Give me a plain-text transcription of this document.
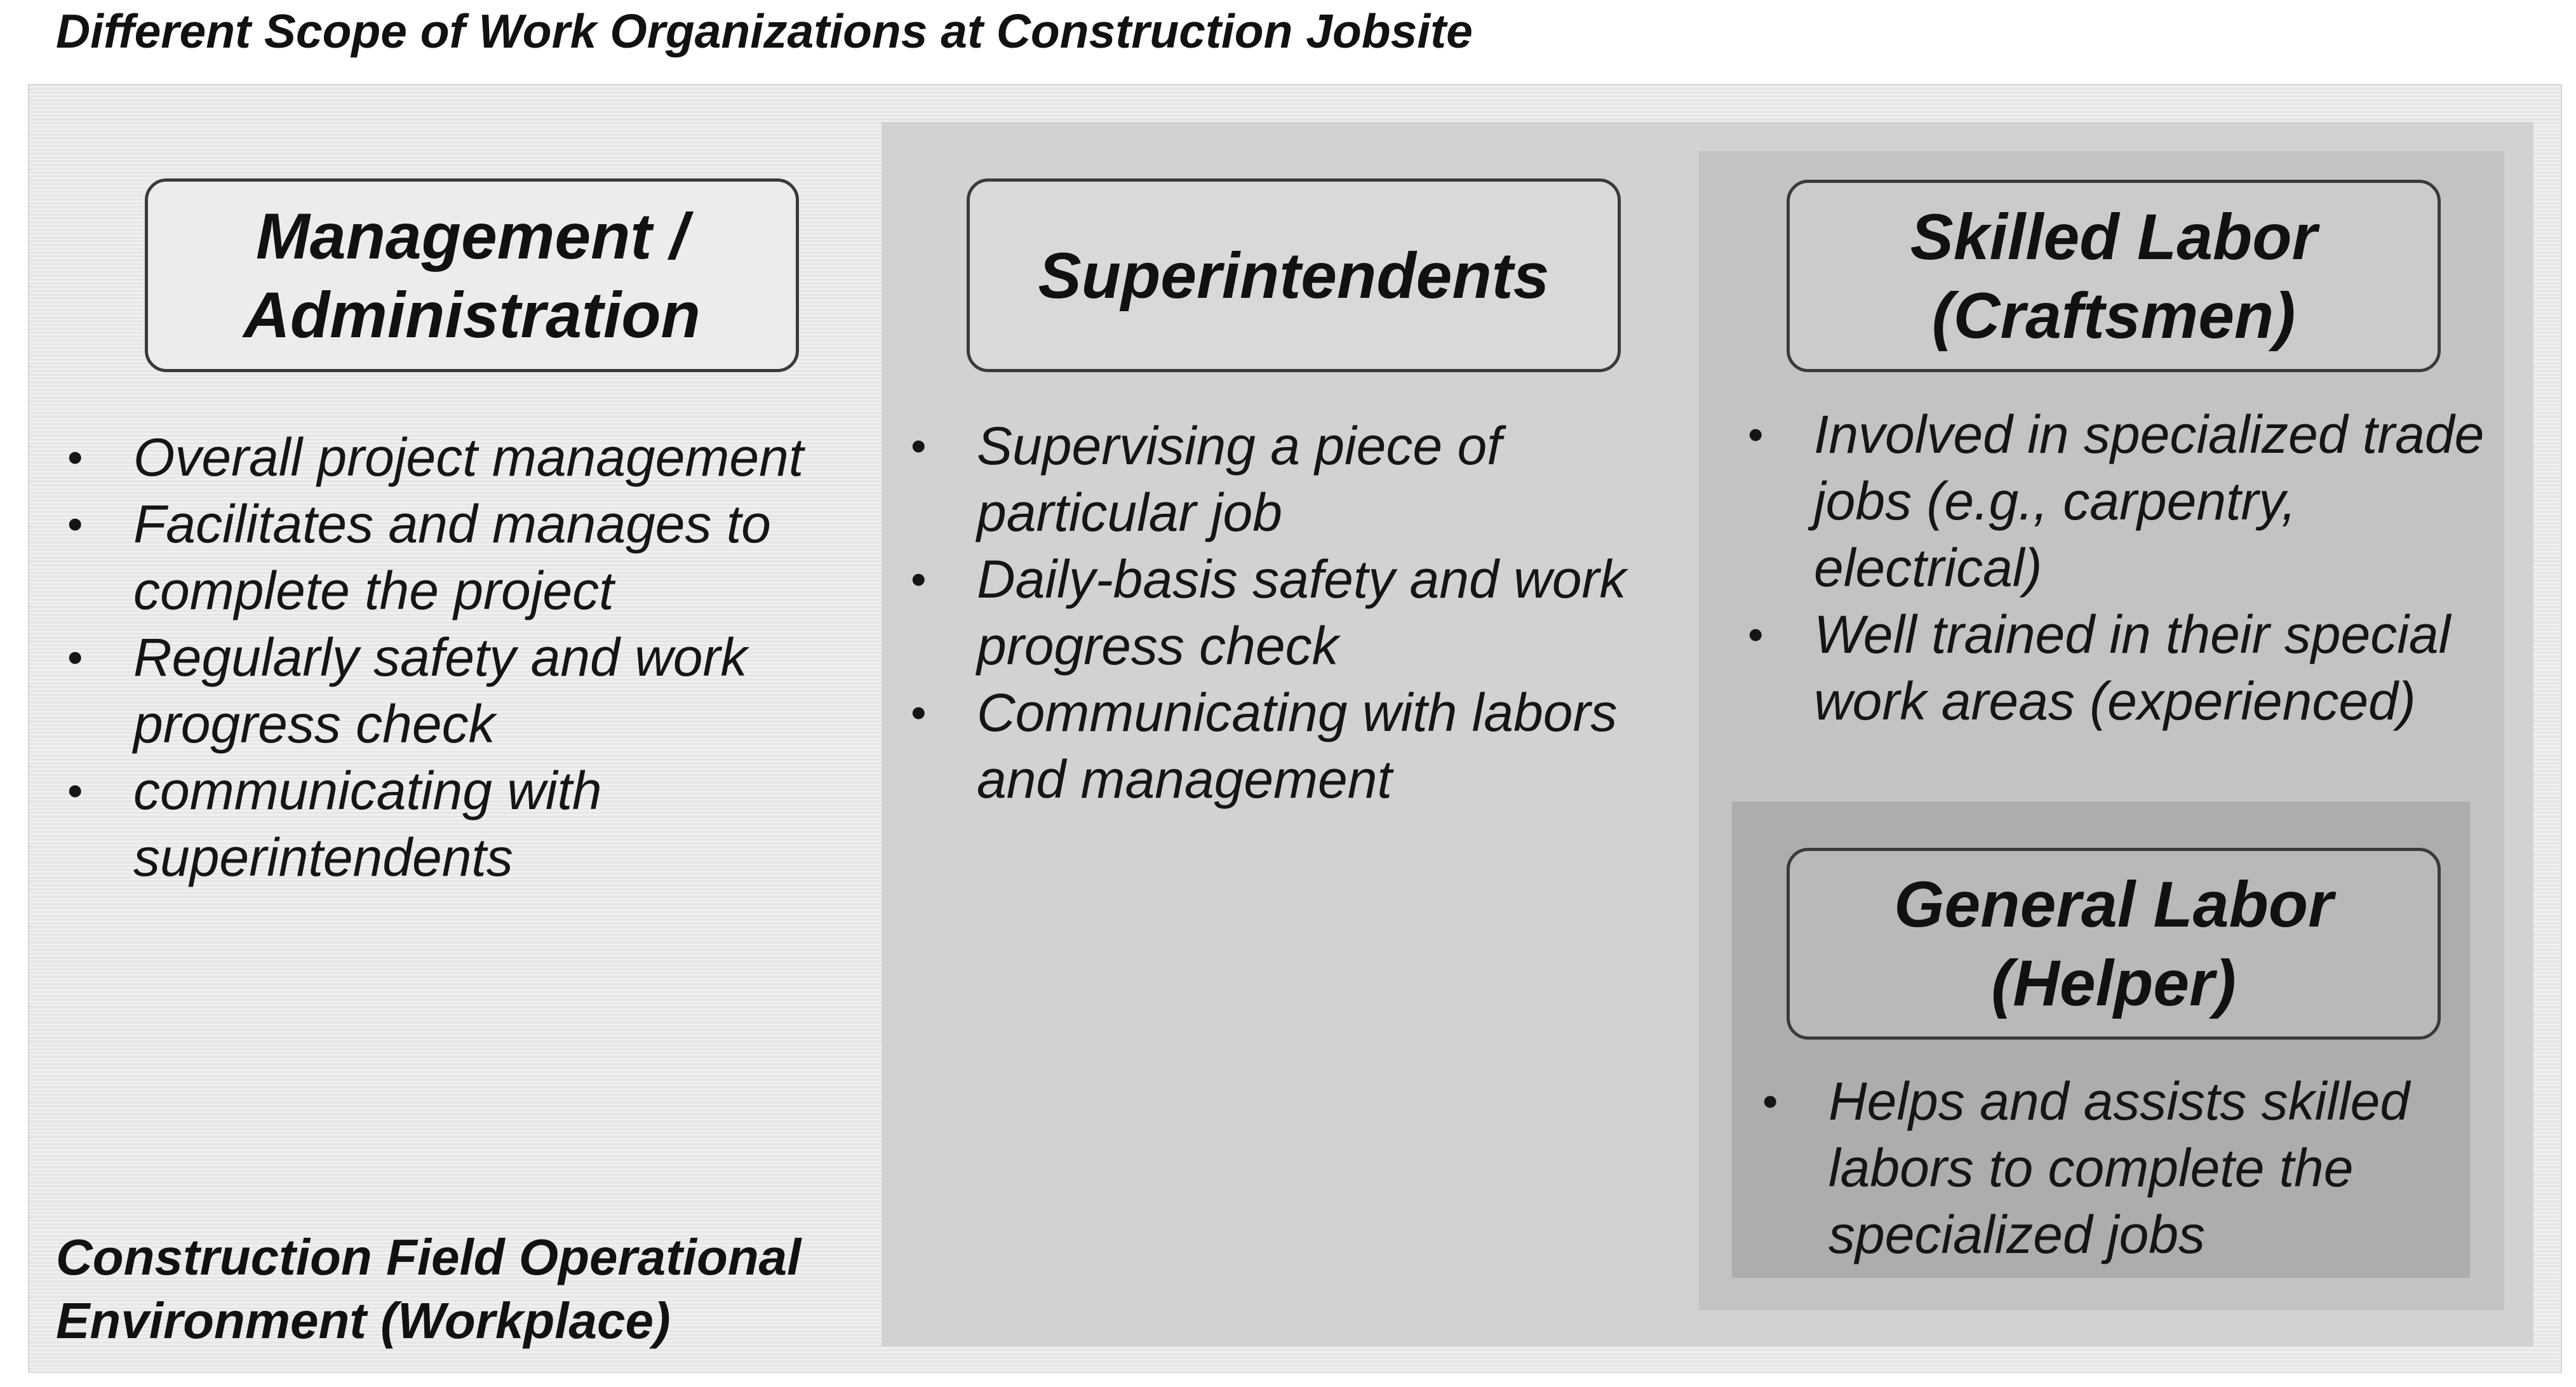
Different Scope of Work Organizations at Construction Jobsite
Management /
Administration
Superintendents
Skilled Labor
(Craftsmen)
General Labor
(Helper)
• Overall project management
• Facilitates and manages to complete the project
• Regularly safety and work progress check
• communicating with superintendents
• Supervising a piece of particular job
• Daily-basis safety and work progress check
• Communicating with labors and management
• Involved in specialized trade jobs (e.g., carpentry, electrical)
• Well trained in their special work areas (experienced)
• Helps and assists skilled labors to complete the specialized jobs
Construction Field Operational
Environment (Workplace)
